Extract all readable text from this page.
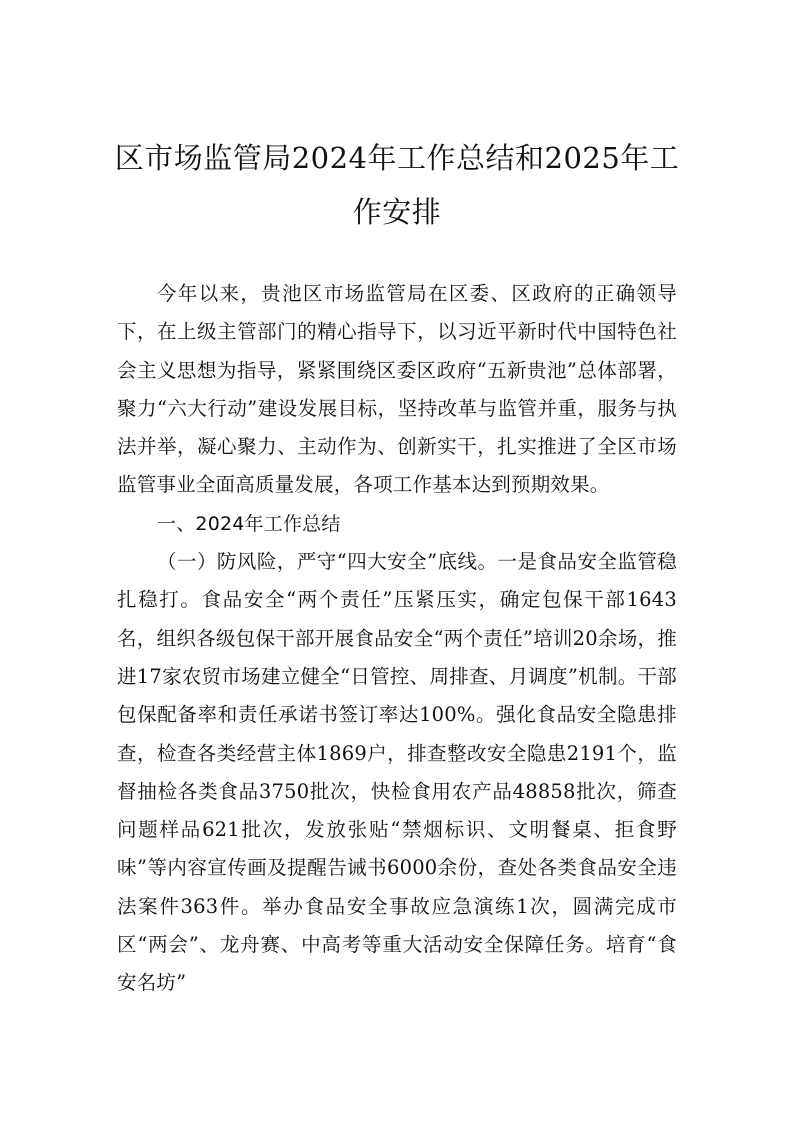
区市场监管局2024年工作总结和2025年工作安排

今年以来，贵池区市场监管局在区委、区政府的正确领导下，在上级主管部门的精心指导下，以习近平新时代中国特色社会主义思想为指导，紧紧围绕区委区政府“五新贵池”总体部署，聚力“六大行动”建设发展目标，坚持改革与监管并重，服务与执法并举，凝心聚力、主动作为、创新实干，扎实推进了全区市场监管事业全面高质量发展，各项工作基本达到预期效果。

一、2024年工作总结

（一）防风险，严守“四大安全”底线。一是食品安全监管稳扎稳打。食品安全“两个责任”压紧压实，确定包保干部1643名，组织各级包保干部开展食品安全“两个责任”培训20余场，推进17家农贸市场建立健全“日管控、周排查、月调度”机制。干部包保配备率和责任承诺书签订率达100%。强化食品安全隐患排查，检查各类经营主体1869户，排查整改安全隐患2191个，监督抽检各类食品3750批次，快检食用农产品48858批次，筛查问题样品621批次，发放张贴“禁烟标识、文明餐桌、拒食野味”等内容宣传画及提醒告诫书6000余份，查处各类食品安全违法案件363件。举办食品安全事故应急演练1次，圆满完成市区“两会”、龙舟赛、中高考等重大活动安全保障任务。培育“食安名坊”
